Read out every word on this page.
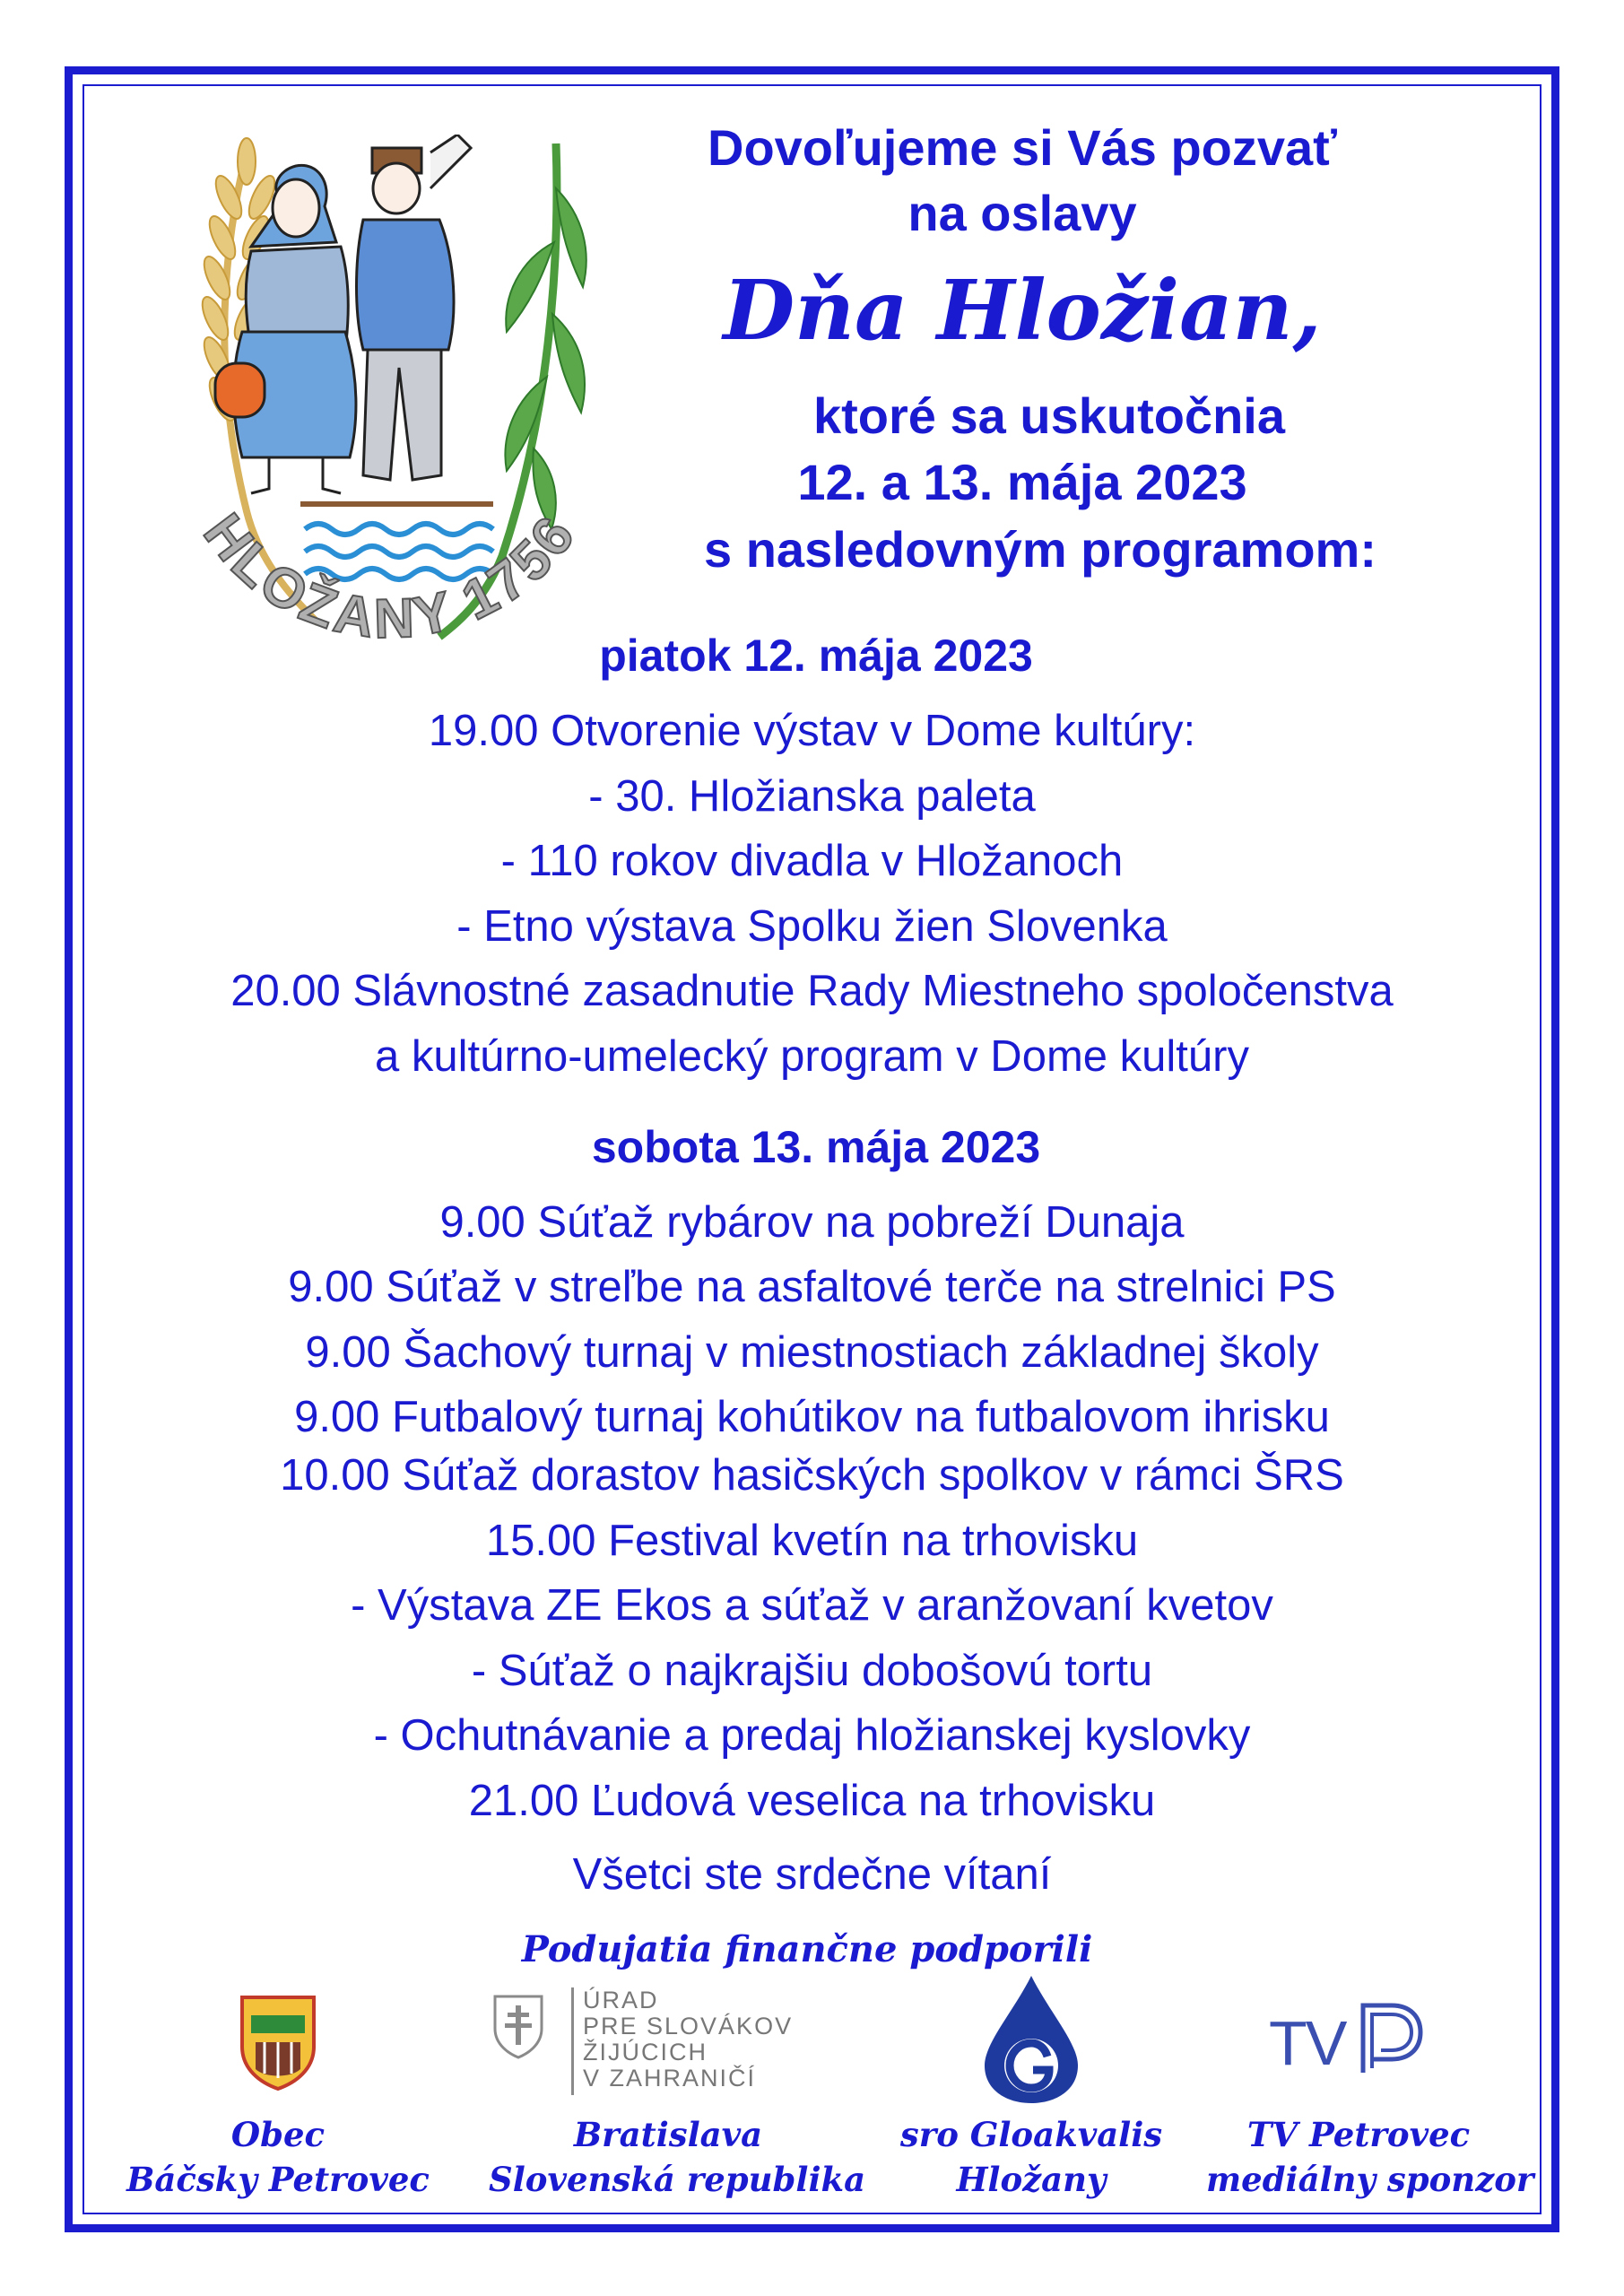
HLOŽANY 1756
Dovoľujeme si Vás pozvať
na oslavy
Dňa Hložian,
ktoré sa uskutočnia
12. a 13. mája 2023
s nasledovným programom:
piatok 12. mája 2023
19.00 Otvorenie výstav v Dome kultúry:
- 30. Hložianska paleta
- 110 rokov divadla v Hložanoch
- Etno výstava Spolku žien Slovenka
20.00 Slávnostné zasadnutie Rady Miestneho spoločenstva
a kultúrno-umelecký program v Dome kultúry
sobota 13. mája 2023
9.00 Súťaž rybárov na pobreží Dunaja
9.00 Súťaž v streľbe na asfaltové terče na strelnici PS
9.00 Šachový turnaj v miestnostiach základnej školy
9.00 Futbalový turnaj kohútikov na futbalovom ihrisku
10.00 Súťaž dorastov hasičských spolkov v rámci ŠRS
15.00 Festival kvetín na trhovisku
- Výstava ZE Ekos a súťaž v aranžovaní kvetov
- Súťaž o najkrajšiu dobošovú tortu
- Ochutnávanie a predaj hložianskej kyslovky
21.00 Ľudová veselica na trhovisku
Všetci ste srdečne vítaní
Podujatia finančne podporili
ÚRAD
PRE SLOVÁKOV
ŽIJÚCICH
V ZAHRANIČÍ	TV
Obec
Báčsky Petrovec
Bratislava
Slovenská republika
sro Gloakvalis
Hložany
TV Petrovec
mediálny sponzor
